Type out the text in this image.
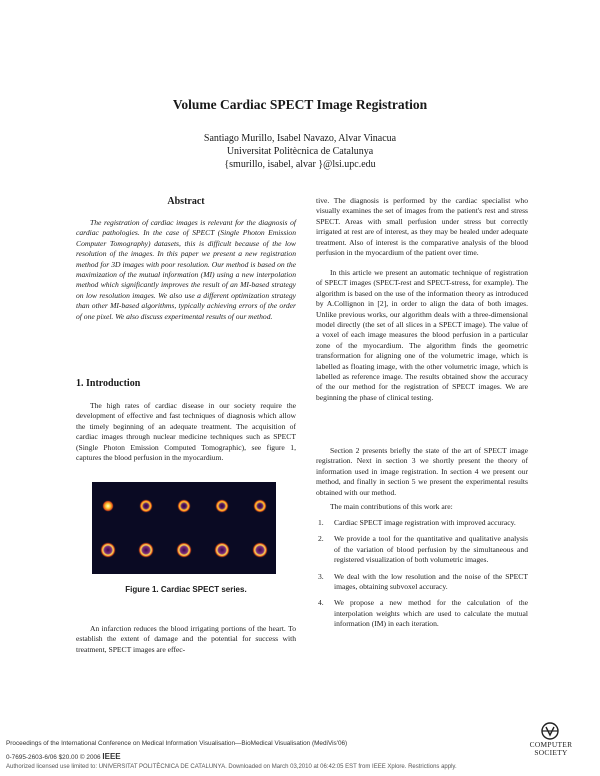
Volume Cardiac SPECT Image Registration
Santiago Murillo, Isabel Navazo, Alvar Vinacua
Universitat Politècnica de Catalunya
{smurillo, isabel, alvar }@lsi.upc.edu
Abstract

The registration of cardiac images is relevant for the diagnosis of cardiac pathologies. In the case of SPECT (Single Photon Emission Computer Tomography) datasets, this is difficult because of the low resolution of the images. In this paper we present a new registration method for 3D images with poor resolution. Our method is based on the maximization of the mutual information (MI) using a new interpolation method which significantly improves the result of an MI-based strategy on low resolution images. We also use a different optimization strategy than other MI-based algorithms, typically achieving errors of the order of one pixel. We also discuss experimental results of our method.

1. Introduction

The high rates of cardiac disease in our society require the development of effective and fast techniques of diagnosis which allow the timely beginning of an adequate treatment. The acquisition of cardiac images through nuclear medicine techniques such as SPECT (Single Photon Emission Computed Tomographic), see figure 1, captures the blood perfusion in the myocardium.

Figure 1. Cardiac SPECT series.

An infarction reduces the blood irrigating portions of the heart. To establish the extent of damage and the potential for success with treatment, SPECT images are effec-

tive. The diagnosis is performed by the cardiac specialist who visually examines the set of images from the patient's rest and stress SPECT. Areas with small perfusion under stress but correctly irrigated at rest are of interest, as they may be healed under adequate treatment. Also of interest is the comparative analysis of the blood perfusion in the myocardium of the patient over time.

In this article we present an automatic technique of registration of SPECT images (SPECT-rest and SPECT-stress, for example). The algorithm is based on the use of the information theory as introduced by A.Collignon in [2], in order to align the data of both images. Unlike previous works, our algorithm deals with a three-dimensional model directly (the set of all slices in a SPECT image). The value of a voxel of each image measures the blood perfusion in a particular zone of the myocardium. The algorithm finds the geometric transformation for aligning one of the volumetric image, which is labelled as floating image, with the other volumetric image, which is labelled as reference image. The results obtained show the accuracy of the our method for the registration of SPECT images. We are beginning the phase of clinical testing.

Section 2 presents briefly the state of the art of SPECT image registration. Next in section 3 we shortly present the theory of information used in image registration. In section 4 we present our method, and finally in section 5 we present the experimental results obtained with our method.

The main contributions of this work are:

1. Cardiac SPECT image registration with improved accuracy.
2. We provide a tool for the quantitative and qualitative analysis of the variation of blood perfusion by the simultaneous and registered visualization of both volumetric images.
3. We deal with the low resolution and the noise of the SPECT images, obtaining subvoxel accuracy.
4. We propose a new method for the calculation of the interpolation weights which are used to calculate the mutual information (IM) in each iteration.
Proceedings of the International Conference on Medical Information Visualisation—BioMedical Visualisation (MediVis'06)
0-7695-2603-6/06 $20.00 © 2006 IEEE
Authorized licensed use limited to: UNIVERSITAT POLITÈCNICA DE CATALUNYA. Downloaded on March 03,2010 at 06:42:05 EST from IEEE Xplore. Restrictions apply.
COMPUTER
SOCIETY
